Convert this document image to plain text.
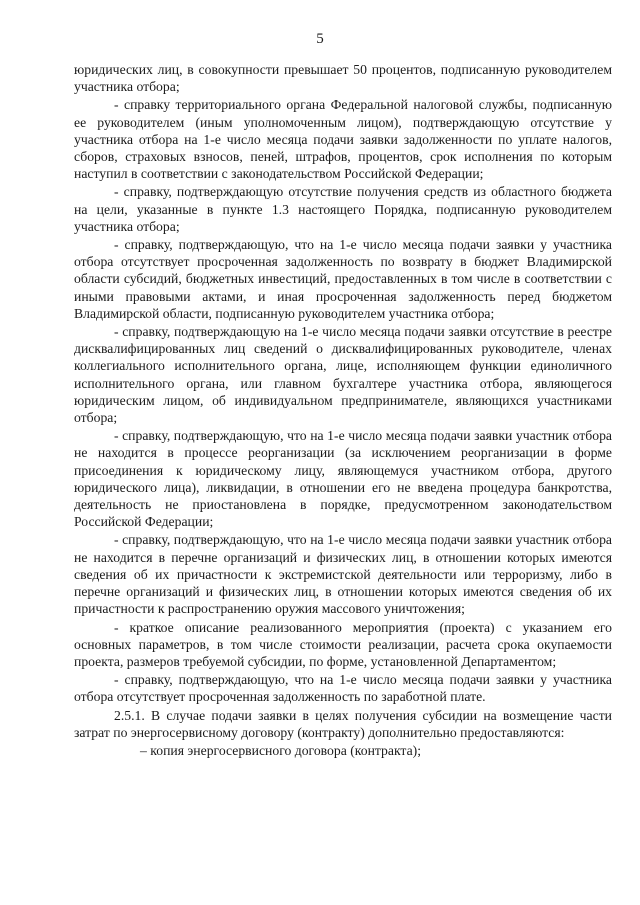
5

юридических лиц, в совокупности превышает 50 процентов, подписанную руководителем участника отбора;

- справку территориального органа Федеральной налоговой службы, подписанную ее руководителем (иным уполномоченным лицом), подтверждающую отсутствие у участника отбора на 1-е число месяца подачи заявки задолженности по уплате налогов, сборов, страховых взносов, пеней, штрафов, процентов, срок исполнения по которым наступил в соответствии с законодательством Российской Федерации;

- справку, подтверждающую отсутствие получения средств из областного бюджета на цели, указанные в пункте 1.3 настоящего Порядка, подписанную руководителем участника отбора;

- справку, подтверждающую, что на 1-е число месяца подачи заявки у участника отбора отсутствует просроченная задолженность по возврату в бюджет Владимирской области субсидий, бюджетных инвестиций, предоставленных в том числе в соответствии с иными правовыми актами, и иная просроченная задолженность перед бюджетом Владимирской области, подписанную руководителем участника отбора;

- справку, подтверждающую на 1-е число месяца подачи заявки отсутствие в реестре дисквалифицированных лиц сведений о дисквалифицированных руководителе, членах коллегиального исполнительного органа, лице, исполняющем функции единоличного исполнительного органа, или главном бухгалтере участника отбора, являющегося юридическим лицом, об индивидуальном предпринимателе, являющихся участниками отбора;

- справку, подтверждающую, что на 1-е число месяца подачи заявки участник отбора не находится в процессе реорганизации (за исключением реорганизации в форме присоединения к юридическому лицу, являющемуся участником отбора, другого юридического лица), ликвидации, в отношении его не введена процедура банкротства, деятельность не приостановлена в порядке, предусмотренном законодательством Российской Федерации;

- справку, подтверждающую, что на 1-е число месяца подачи заявки участник отбора не находится в перечне организаций и физических лиц, в отношении которых имеются сведения об их причастности к экстремистской деятельности или терроризму, либо в перечне организаций и физических лиц, в отношении которых имеются сведения об их причастности к распространению оружия массового уничтожения;

- краткое описание реализованного мероприятия (проекта) с указанием его основных параметров, в том числе стоимости реализации, расчета срока окупаемости проекта, размеров требуемой субсидии, по форме, установленной Департаментом;

- справку, подтверждающую, что на 1-е число месяца подачи заявки у участника отбора отсутствует просроченная задолженность по заработной плате.

2.5.1. В случае подачи заявки в целях получения субсидии на возмещение части затрат по энергосервисному договору (контракту) дополнительно предоставляются:

– копия энергосервисного договора (контракта);
